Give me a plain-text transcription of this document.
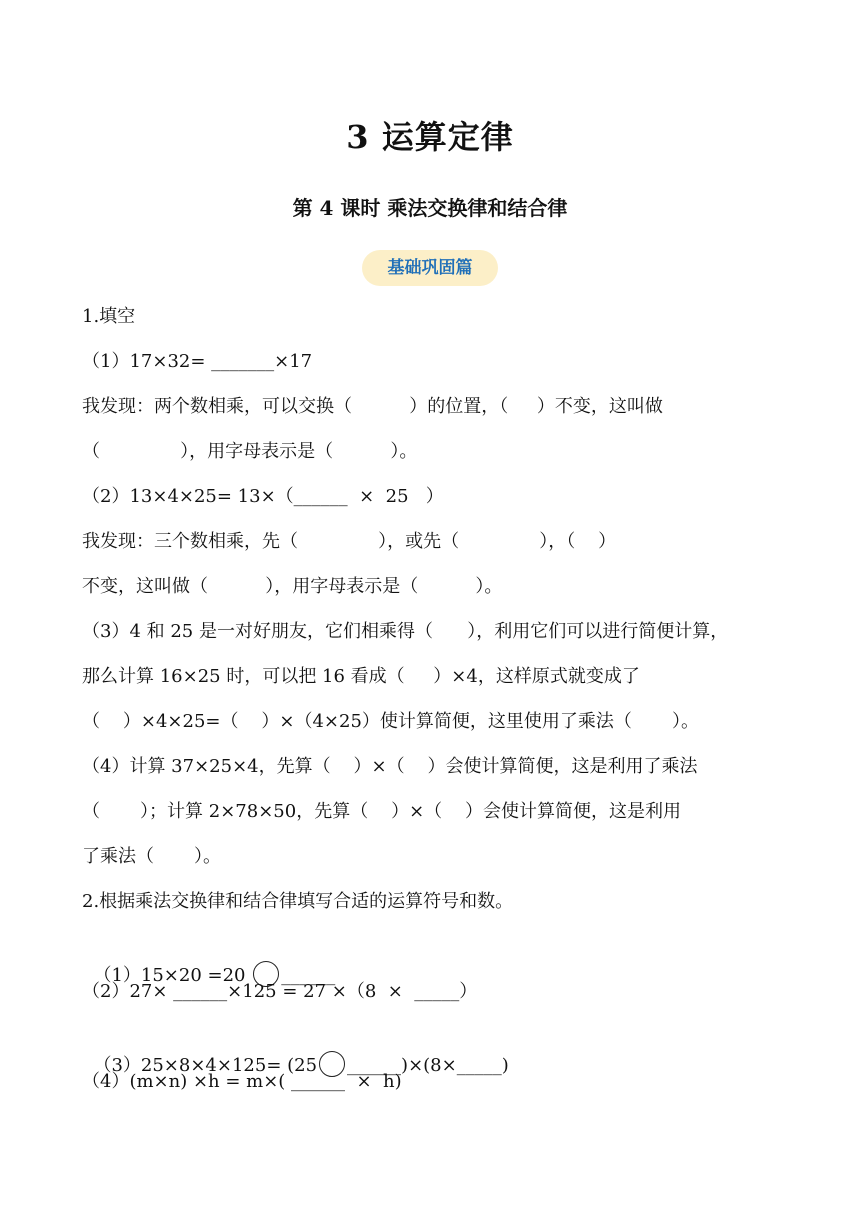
3 运算定律
第 4 课时 乘法交换律和结合律
基础巩固篇
1.填空
（1）17×32= _______×17
我发现：两个数相乘，可以交换（          ）的位置，（     ）不变，这叫做
（              ），用字母表示是（          ）。
（2）13×4×25= 13×（______  ×  25   ）
我发现：三个数相乘，先（              ），或先（              ），（    ）
不变，这叫做（          ），用字母表示是（          ）。
（3）4 和 25 是一对好朋友，它们相乘得（      ），利用它们可以进行简便计算，
那么计算 16×25 时，可以把 16 看成（     ）×4，这样原式就变成了
（    ）×4×25=（    ）×（4×25）使计算简便，这里使用了乘法（       ）。
（4）计算 37×25×4，先算（    ）×（    ）会使计算简便，这是利用了乘法
（       ）；计算 2×78×50，先算（    ）×（    ）会使计算简便，这是利用
了乘法（       ）。
2.根据乘法交换律和结合律填写合适的运算符号和数。

（1）15×20 =20 ______

（2）27× ______×125 = 27 ×（8  ×  _____）

（3）25×8×4×125= (25 ______)×(8×_____)

（4）(m×n) ×h = m×( ______  ×  h)
